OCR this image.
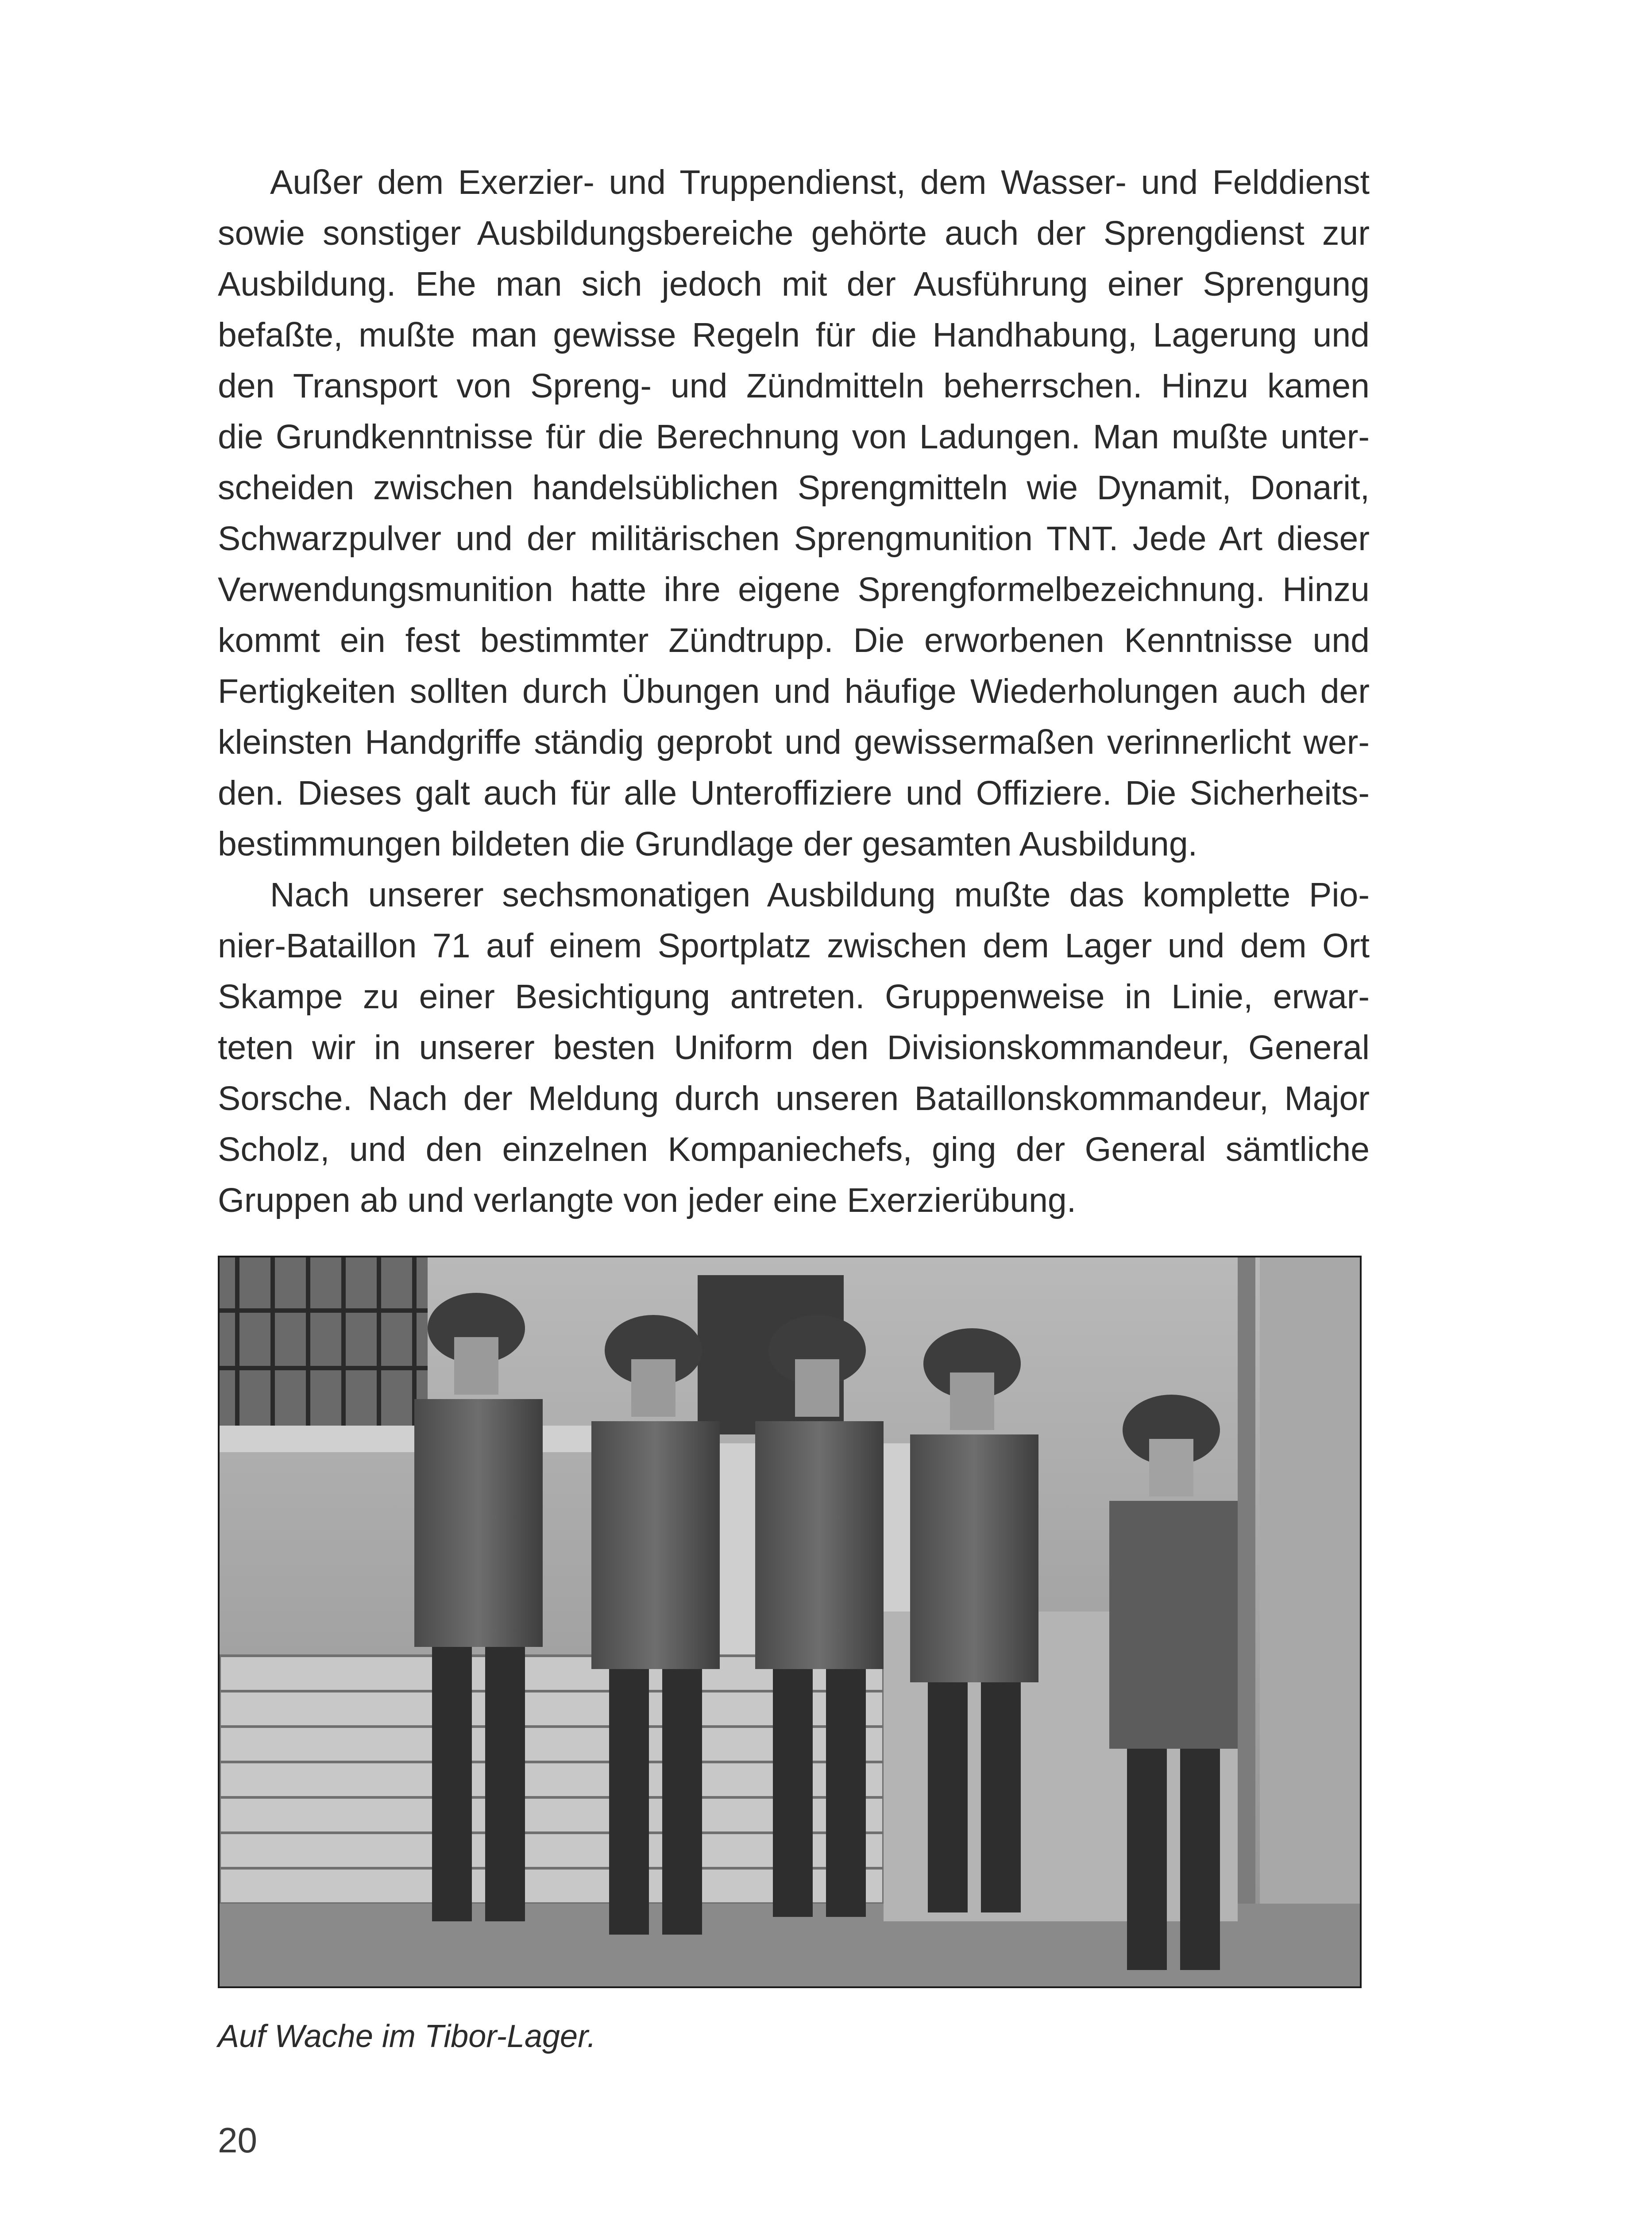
Außer dem Exerzier- und Truppendienst, dem Wasser- und Felddienst
sowie sonstiger Ausbildungsbereiche gehörte auch der Sprengdienst zur
Ausbildung. Ehe man sich jedoch mit der Ausführung einer Sprengung
befaßte, mußte man gewisse Regeln für die Handhabung, Lagerung und
den Transport von Spreng- und Zündmitteln beherrschen. Hinzu kamen
die Grundkenntnisse für die Berechnung von Ladungen. Man mußte unter-
scheiden zwischen handelsüblichen Sprengmitteln wie Dynamit, Donarit,
Schwarzpulver und der militärischen Sprengmunition TNT. Jede Art dieser
Verwendungsmunition hatte ihre eigene Sprengformelbezeichnung. Hinzu
kommt ein fest bestimmter Zündtrupp. Die erworbenen Kenntnisse und
Fertigkeiten sollten durch Übungen und häufige Wiederholungen auch der
kleinsten Handgriffe ständig geprobt und gewissermaßen verinnerlicht wer-
den. Dieses galt auch für alle Unteroffiziere und Offiziere. Die Sicherheits-
bestimmungen bildeten die Grundlage der gesamten Ausbildung.
Nach unserer sechsmonatigen Ausbildung mußte das komplette Pio-
nier-Bataillon 71 auf einem Sportplatz zwischen dem Lager und dem Ort
Skampe zu einer Besichtigung antreten. Gruppenweise in Linie, erwar-
teten wir in unserer besten Uniform den Divisionskommandeur, General
Sorsche. Nach der Meldung durch unseren Bataillonskommandeur, Major
Scholz, und den einzelnen Kompaniechefs, ging der General sämtliche
Gruppen ab und verlangte von jeder eine Exerzierübung.
Auf Wache im Tibor-Lager.
20
